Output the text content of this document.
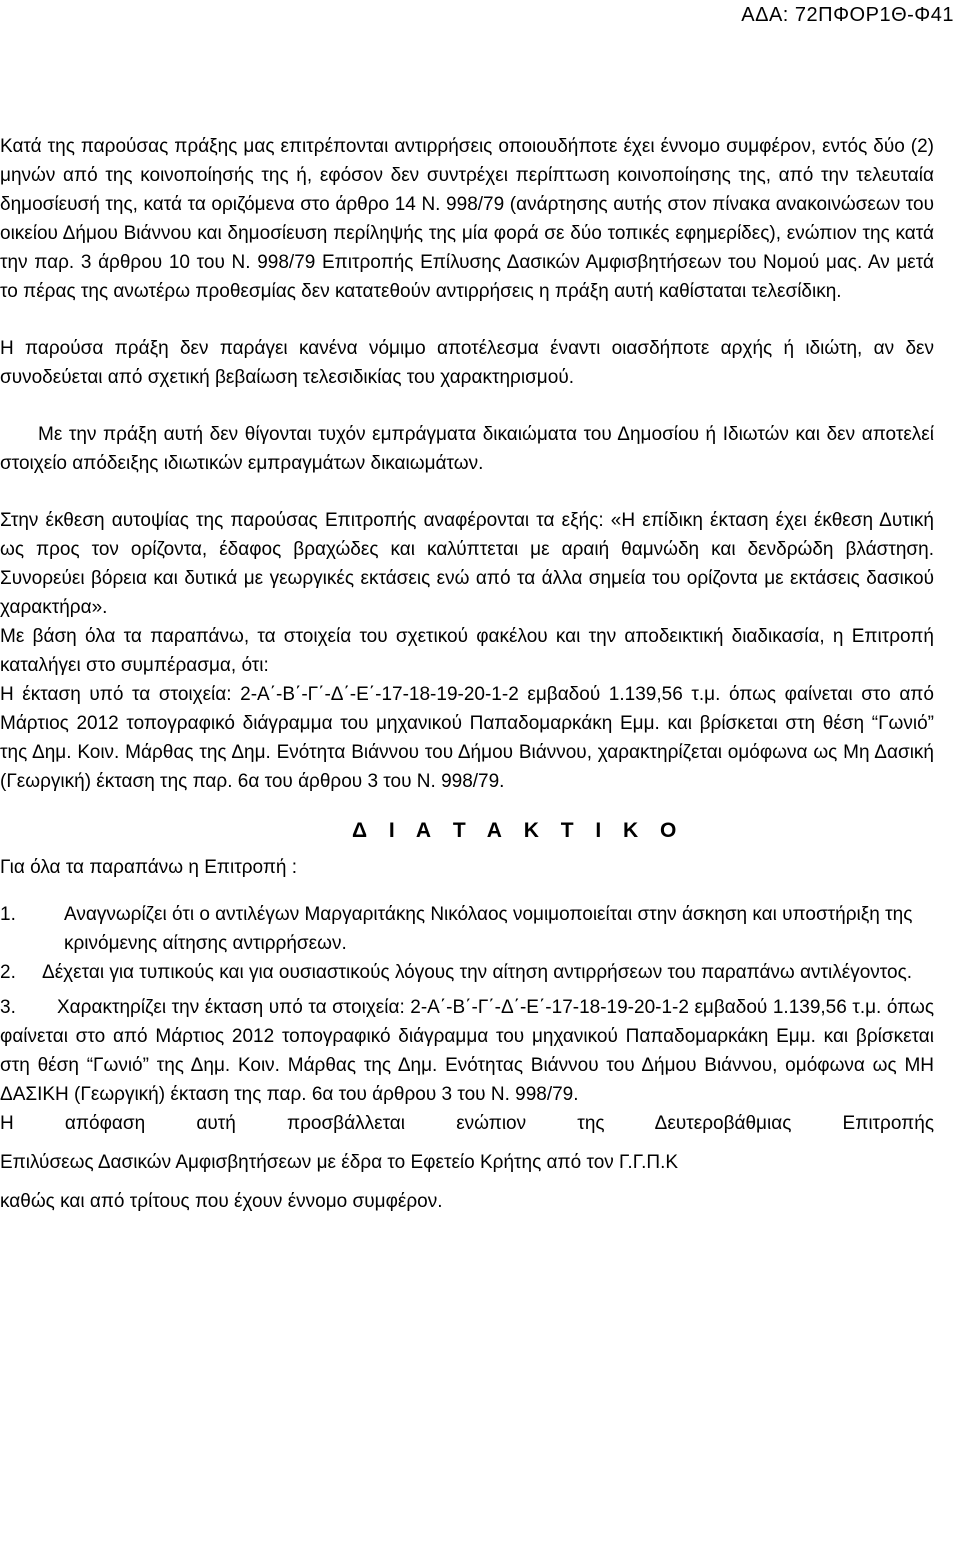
ΑΔΑ: 72ΠΦΟΡ1Θ-Φ41

Κατά της παρούσας πράξης μας επιτρέπονται αντιρρήσεις οποιουδήποτε έχει έννομο συμφέρον, εντός δύο (2) μηνών από της κοινοποίησής της ή, εφόσον δεν συντρέχει περίπτωση κοινοποίησης της, από την τελευταία δημοσίευσή της, κατά τα οριζόμενα στο άρθρο 14 Ν. 998/79 (ανάρτησης αυτής στον πίνακα ανακοινώσεων του οικείου Δήμου Βιάννου και δημοσίευση περίληψής της μία φορά σε δύο τοπικές εφημερίδες), ενώπιον της κατά την παρ. 3 άρθρου 10 του Ν. 998/79 Επιτροπής Επίλυσης Δασικών Αμφισβητήσεων του Νομού μας. Αν μετά το πέρας της ανωτέρω προθεσμίας δεν κατατεθούν αντιρρήσεις η πράξη αυτή καθίσταται τελεσίδικη.

Η παρούσα πράξη δεν παράγει κανένα νόμιμο αποτέλεσμα έναντι οιασδήποτε αρχής ή ιδιώτη, αν δεν συνοδεύεται από σχετική βεβαίωση τελεσιδικίας του χαρακτηρισμού.

Με την πράξη αυτή δεν θίγονται τυχόν εμπράγματα δικαιώματα του Δημοσίου ή Ιδιωτών και δεν αποτελεί στοιχείο απόδειξης ιδιωτικών εμπραγμάτων δικαιωμάτων.

Στην έκθεση αυτοψίας της παρούσας Επιτροπής αναφέρονται τα εξής: «Η επίδικη έκταση έχει έκθεση Δυτική ως προς τον ορίζοντα, έδαφος βραχώδες και καλύπτεται με αραιή θαμνώδη και δενδρώδη βλάστηση. Συνορεύει βόρεια και δυτικά με γεωργικές εκτάσεις ενώ από τα άλλα σημεία του ορίζοντα με εκτάσεις δασικού χαρακτήρα».

Με βάση όλα τα παραπάνω, τα στοιχεία του σχετικού φακέλου και την αποδεικτική διαδικασία, η Επιτροπή καταλήγει στο συμπέρασμα, ότι:

Η έκταση υπό τα στοιχεία: 2-Α΄-Β΄-Γ΄-Δ΄-Ε΄-17-18-19-20-1-2 εμβαδού 1.139,56 τ.μ. όπως φαίνεται στο από Μάρτιος 2012 τοπογραφικό διάγραμμα του μηχανικού Παπαδομαρκάκη Εμμ. και βρίσκεται στη θέση “Γωνιό” της Δημ. Κοιν. Μάρθας της Δημ. Ενότητα Βιάννου του Δήμου Βιάννου, χαρακτηρίζεται ομόφωνα ως Μη Δασική (Γεωργική) έκταση της παρ. 6α του άρθρου 3 του Ν. 998/79.

Δ Ι Α Τ Α Κ Τ Ι Κ Ο

Για όλα τα παραπάνω η Επιτροπή :

1.	Αναγνωρίζει ότι ο αντιλέγων Μαργαριτάκης Νικόλαος νομιμοποιείται στην άσκηση και υποστήριξη της κρινόμενης αίτησης αντιρρήσεων.

2. Δέχεται για τυπικούς και για ουσιαστικούς λόγους την αίτηση αντιρρήσεων του παραπάνω αντιλέγοντος.

3. Χαρακτηρίζει την έκταση υπό τα στοιχεία: 2-Α΄-Β΄-Γ΄-Δ΄-Ε΄-17-18-19-20-1-2 εμβαδού 1.139,56 τ.μ. όπως φαίνεται στο από Μάρτιος 2012 τοπογραφικό διάγραμμα του μηχανικού Παπαδομαρκάκη Εμμ. και βρίσκεται στη θέση “Γωνιό” της Δημ. Κοιν. Μάρθας της Δημ. Ενότητας Βιάννου του Δήμου Βιάννου, ομόφωνα ως ΜΗ ΔΑΣΙΚΗ (Γεωργική) έκταση της παρ. 6α του άρθρου 3 του Ν. 998/79.

Η απόφαση αυτή προσβάλλεται ενώπιον της Δευτεροβάθμιας Επιτροπής

Επιλύσεως Δασικών Αμφισβητήσεων με έδρα το Εφετείο Κρήτης από τον Γ.Γ.Π.Κ

καθώς και από τρίτους που έχουν έννομο συμφέρον.
